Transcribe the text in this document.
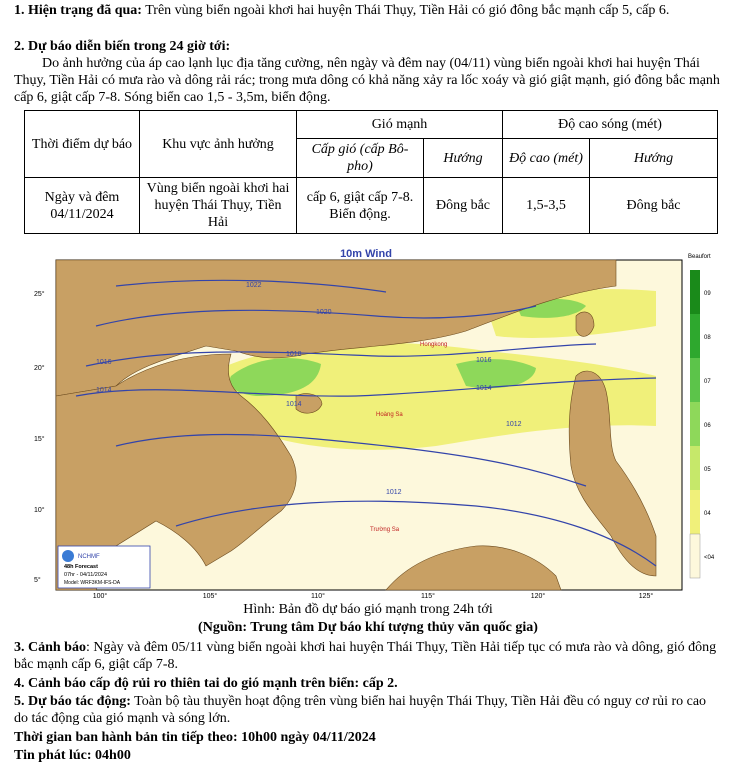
1. Hiện trạng đã qua: Trên vùng biển ngoài khơi hai huyện Thái Thụy, Tiền Hải có gió đông bắc mạnh cấp 5, cấp 6.
2. Dự báo diễn biến trong 24 giờ tới:
Do ảnh hưởng của áp cao lạnh lục địa tăng cường, nên ngày và đêm nay (04/11) vùng biển ngoài khơi hai huyện Thái Thụy, Tiền Hải có mưa rào và dông rải rác; trong mưa dông có khả năng xảy ra lốc xoáy và gió giật mạnh, gió đông bắc mạnh cấp 6, giật cấp 7-8. Sóng biển cao 1,5 - 3,5m, biển động.
Thời điểm dự báo	Khu vực ảnh hưởng	Gió mạnh		Độ cao sóng (mét)	
		Cấp gió (cấp Bô-pho)	Hướng	Độ cao (mét)	Hướng
Ngày và đêm 04/11/2024	Vùng biển ngoài khơi hai huyện Thái Thụy, Tiền Hải	cấp 6, giật cấp 7-8. Biển động.	Đông bắc	1,5-3,5	Đông bắc
10m Wind
1022
1020
1018
1016
1014
1014
1016
1012
1012
1014
Hoàng Sa
Trường Sa
Hongkong
25°
20°
15°
10°
5°
100°	105°	110°	115°	120°	125°
NCHMF
48h Forecast
07hr - 04/11/2024
Model: WRF3KM-IFS-DA
Beaufort
09
08
07
06
05
04
<04
Hình: Bản đồ dự báo gió mạnh trong 24h tới
(Nguồn: Trung tâm Dự báo khí tượng thủy văn quốc gia)
3. Cảnh báo: Ngày và đêm 05/11 vùng biển ngoài khơi hai huyện Thái Thụy, Tiền Hải tiếp tục có mưa rào và dông, gió đông bắc mạnh cấp 6, giật cấp 7-8.
4. Cảnh báo cấp độ rủi ro thiên tai do gió mạnh trên biển: cấp 2.
5. Dự báo tác động: Toàn bộ tàu thuyền hoạt động trên vùng biển hai huyện Thái Thụy, Tiền Hải đều có nguy cơ rủi ro cao do tác động của gió mạnh và sóng lớn.
Thời gian ban hành bản tin tiếp theo: 10h00 ngày 04/11/2024
Tin phát lúc: 04h00
